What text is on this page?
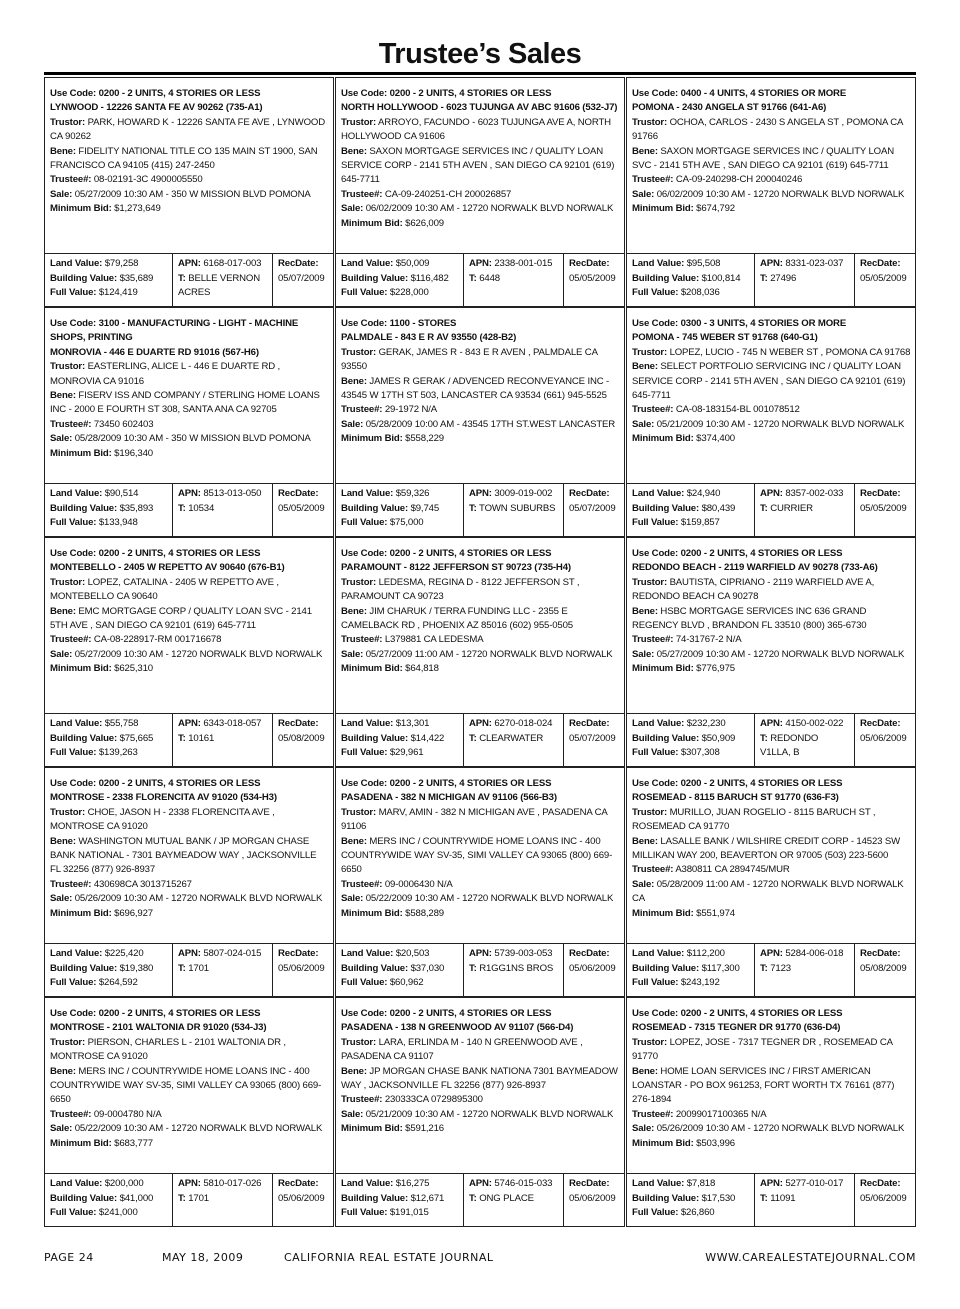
Trustee’s Sales
Use Code: 0200 - 2 UNITS, 4 STORIES OR LESS
LYNWOOD - 12226 SANTA FE AV 90262 (735-A1)
Trustor: PARK, HOWARD K - 12226 SANTA FE AVE , LYNWOOD CA 90262
Bene: FIDELITY NATIONAL TITLE CO 135 MAIN ST 1900, SAN FRANCISCO CA 94105 (415) 247-2450
Trustee#: 08-02191-3C 4900005550
Sale: 05/27/2009 10:30 AM - 350 W MISSION BLVD POMONA
Minimum Bid: $1,273,649
Land Value: $79,258
Building Value: $35,689
Full Value: $124,419
APN: 6168-017-003
T: BELLE VERNON ACRES
RecDate:
05/07/2009
Use Code: 0200 - 2 UNITS, 4 STORIES OR LESS
NORTH HOLLYWOOD - 6023 TUJUNGA AV ABC 91606 (532-J7)
Trustor: ARROYO, FACUNDO - 6023 TUJUNGA AVE A, NORTH HOLLYWOOD CA 91606
Bene: SAXON MORTGAGE SERVICES INC / QUALITY LOAN SERVICE CORP - 2141 5TH AVEN , SAN DIEGO CA 92101 (619) 645-7711
Trustee#: CA-09-240251-CH 200026857
Sale: 06/02/2009 10:30 AM - 12720 NORWALK BLVD NORWALK
Minimum Bid: $626,009
Land Value: $50,009
Building Value: $116,482
Full Value: $228,000
APN: 2338-001-015
T: 6448
RecDate:
05/05/2009
Use Code: 0400 - 4 UNITS, 4 STORIES OR MORE
POMONA - 2430 ANGELA ST 91766 (641-A6)
Trustor: OCHOA, CARLOS - 2430 S ANGELA ST , POMONA CA 91766
Bene: SAXON MORTGAGE SERVICES INC / QUALITY LOAN SVC - 2141 5TH AVE , SAN DIEGO CA 92101 (619) 645-7711
Trustee#: CA-09-240298-CH 200040246
Sale: 06/02/2009 10:30 AM - 12720 NORWALK BLVD NORWALK
Minimum Bid: $674,792
Land Value: $95,508
Building Value: $100,814
Full Value: $208,036
APN: 8331-023-037
T: 27496
RecDate:
05/05/2009
Use Code: 3100 - MANUFACTURING - LIGHT - MACHINE SHOPS, PRINTING
MONROVIA - 446 E DUARTE RD 91016 (567-H6)
Trustor: EASTERLING, ALICE L - 446 E DUARTE RD , MONROVIA CA 91016
Bene: FISERV ISS AND COMPANY / STERLING HOME LOANS INC - 2000 E FOURTH ST 308, SANTA ANA CA 92705
Trustee#: 73450 602403
Sale: 05/28/2009 10:30 AM - 350 W MISSION BLVD POMONA
Minimum Bid: $196,340
Land Value: $90,514
Building Value: $35,893
Full Value: $133,948
APN: 8513-013-050
T: 10534
RecDate:
05/05/2009
Use Code: 1100 - STORES
PALMDALE - 843 E R AV 93550 (428-B2)
Trustor: GERAK, JAMES R - 843 E R AVEN , PALMDALE CA 93550
Bene: JAMES R GERAK / ADVENCED RECONVEYANCE INC - 43545 W 17TH ST 503, LANCASTER CA 93534 (661) 945-5525
Trustee#: 29-1972 N/A
Sale: 05/28/2009 10:00 AM - 43545 17TH ST.WEST LANCASTER
Minimum Bid: $558,229
Land Value: $59,326
Building Value: $9,745
Full Value: $75,000
APN: 3009-019-002
T: TOWN SUBURBS
RecDate:
05/07/2009
Use Code: 0300 - 3 UNITS, 4 STORIES OR MORE
POMONA - 745 WEBER ST 91768 (640-G1)
Trustor: LOPEZ, LUCIO - 745 N WEBER ST , POMONA CA 91768
Bene: SELECT PORTFOLIO SERVICING INC / QUALITY LOAN SERVICE CORP - 2141 5TH AVEN , SAN DIEGO CA 92101 (619) 645-7711
Trustee#: CA-08-183154-BL 001078512
Sale: 05/21/2009 10:30 AM - 12720 NORWALK BLVD NORWALK
Minimum Bid: $374,400
Land Value: $24,940
Building Value: $80,439
Full Value: $159,857
APN: 8357-002-033
T: CURRIER
RecDate:
05/05/2009
Use Code: 0200 - 2 UNITS, 4 STORIES OR LESS
MONTEBELLO - 2405 W REPETTO AV 90640 (676-B1)
Trustor: LOPEZ, CATALINA - 2405 W REPETTO AVE , MONTEBELLO CA 90640
Bene: EMC MORTGAGE CORP / QUALITY LOAN SVC - 2141 5TH AVE , SAN DIEGO CA 92101 (619) 645-7711
Trustee#: CA-08-228917-RM 001716678
Sale: 05/27/2009 10:30 AM - 12720 NORWALK BLVD NORWALK
Minimum Bid: $625,310
Land Value: $55,758
Building Value: $75,665
Full Value: $139,263
APN: 6343-018-057
T: 10161
RecDate:
05/08/2009
Use Code: 0200 - 2 UNITS, 4 STORIES OR LESS
PARAMOUNT - 8122 JEFFERSON ST 90723 (735-H4)
Trustor: LEDESMA, REGINA D - 8122 JEFFERSON ST , PARAMOUNT CA 90723
Bene: JIM CHARUK / TERRA FUNDING LLC - 2355 E CAMELBACK RD , PHOENIX AZ 85016 (602) 955-0505
Trustee#: L379881 CA LEDESMA
Sale: 05/27/2009 11:00 AM - 12720 NORWALK BLVD NORWALK
Minimum Bid: $64,818
Land Value: $13,301
Building Value: $14,422
Full Value: $29,961
APN: 6270-018-024
T: CLEARWATER
RecDate:
05/07/2009
Use Code: 0200 - 2 UNITS, 4 STORIES OR LESS
REDONDO BEACH - 2119 WARFIELD AV 90278 (733-A6)
Trustor: BAUTISTA, CIPRIANO - 2119 WARFIELD AVE A, REDONDO BEACH CA 90278
Bene: HSBC MORTGAGE SERVICES INC 636 GRAND REGENCY BLVD , BRANDON FL 33510 (800) 365-6730
Trustee#: 74-31767-2 N/A
Sale: 05/27/2009 10:30 AM - 12720 NORWALK BLVD NORWALK
Minimum Bid: $776,975
Land Value: $232,230
Building Value: $50,909
Full Value: $307,308
APN: 4150-002-022
T: REDONDO V1LLA, B
RecDate:
05/06/2009
Use Code: 0200 - 2 UNITS, 4 STORIES OR LESS
MONTROSE - 2338 FLORENCITA AV 91020 (534-H3)
Trustor: CHOE, JASON H - 2338 FLORENCITA AVE , MONTROSE CA 91020
Bene: WASHINGTON MUTUAL BANK / JP MORGAN CHASE BANK NATIONAL - 7301 BAYMEADOW WAY , JACKSONVILLE FL 32256 (877) 926-8937
Trustee#: 430698CA 3013715267
Sale: 05/26/2009 10:30 AM - 12720 NORWALK BLVD NORWALK
Minimum Bid: $696,927
Land Value: $225,420
Building Value: $19,380
Full Value: $264,592
APN: 5807-024-015
T: 1701
RecDate:
05/06/2009
Use Code: 0200 - 2 UNITS, 4 STORIES OR LESS
PASADENA - 382 N MICHIGAN AV 91106 (566-B3)
Trustor: MARV, AMIN - 382 N MICHIGAN AVE , PASADENA CA 91106
Bene: MERS INC / COUNTRYWIDE HOME LOANS INC - 400 COUNTRYWIDE WAY SV-35, SIMI VALLEY CA 93065 (800) 669-6650
Trustee#: 09-0006430 N/A
Sale: 05/22/2009 10:30 AM - 12720 NORWALK BLVD NORWALK
Minimum Bid: $588,289
Land Value: $20,503
Building Value: $37,030
Full Value: $60,962
APN: 5739-003-053
T: R1GG1NS BROS
RecDate:
05/06/2009
Use Code: 0200 - 2 UNITS, 4 STORIES OR LESS
ROSEMEAD - 8115 BARUCH ST 91770 (636-F3)
Trustor: MURILLO, JUAN ROGELIO - 8115 BARUCH ST , ROSEMEAD CA 91770
Bene: LASALLE BANK / WILSHIRE CREDIT CORP - 14523 SW MILLIKAN WAY 200, BEAVERTON OR 97005 (503) 223-5600
Trustee#: A380811 CA 2894745/MUR
Sale: 05/28/2009 11:00 AM - 12720 NORWALK BLVD NORWALK CA
Minimum Bid: $551,974
Land Value: $112,200
Building Value: $117,300
Full Value: $243,192
APN: 5284-006-018
T: 7123
RecDate:
05/08/2009
Use Code: 0200 - 2 UNITS, 4 STORIES OR LESS
MONTROSE - 2101 WALTONIA DR 91020 (534-J3)
Trustor: PIERSON, CHARLES L - 2101 WALTONIA DR , MONTROSE CA 91020
Bene: MERS INC / COUNTRYWIDE HOME LOANS INC - 400 COUNTRYWIDE WAY SV-35, SIMI VALLEY CA 93065 (800) 669-6650
Trustee#: 09-0004780 N/A
Sale: 05/22/2009 10:30 AM - 12720 NORWALK BLVD NORWALK
Minimum Bid: $683,777
Land Value: $200,000
Building Value: $41,000
Full Value: $241,000
APN: 5810-017-026
T: 1701
RecDate:
05/06/2009
Use Code: 0200 - 2 UNITS, 4 STORIES OR LESS
PASADENA - 138 N GREENWOOD AV 91107 (566-D4)
Trustor: LARA, ERLINDA M - 140 N GREENWOOD AVE , PASADENA CA 91107
Bene: JP MORGAN CHASE BANK NATIONA 7301 BAYMEADOW WAY , JACKSONVILLE FL 32256 (877) 926-8937
Trustee#: 230333CA 0729895300
Sale: 05/21/2009 10:30 AM - 12720 NORWALK BLVD NORWALK
Minimum Bid: $591,216
Land Value: $16,275
Building Value: $12,671
Full Value: $191,015
APN: 5746-015-033
T: ONG PLACE
RecDate:
05/06/2009
Use Code: 0200 - 2 UNITS, 4 STORIES OR LESS
ROSEMEAD - 7315 TEGNER DR 91770 (636-D4)
Trustor: LOPEZ, JOSE - 7317 TEGNER DR , ROSEMEAD CA 91770
Bene: HOME LOAN SERVICES INC / FIRST AMERICAN LOANSTAR - PO BOX 961253, FORT WORTH TX 76161 (877) 276-1894
Trustee#: 20099017100365 N/A
Sale: 05/26/2009 10:30 AM - 12720 NORWALK BLVD NORWALK
Minimum Bid: $503,996
Land Value: $7,818
Building Value: $17,530
Full Value: $26,860
APN: 5277-010-017
T: 11091
RecDate:
05/06/2009
PAGE 24	MAY 18, 2009	CALIFORNIA REAL ESTATE JOURNAL	WWW.CAREALESTATEJOURNAL.COM
